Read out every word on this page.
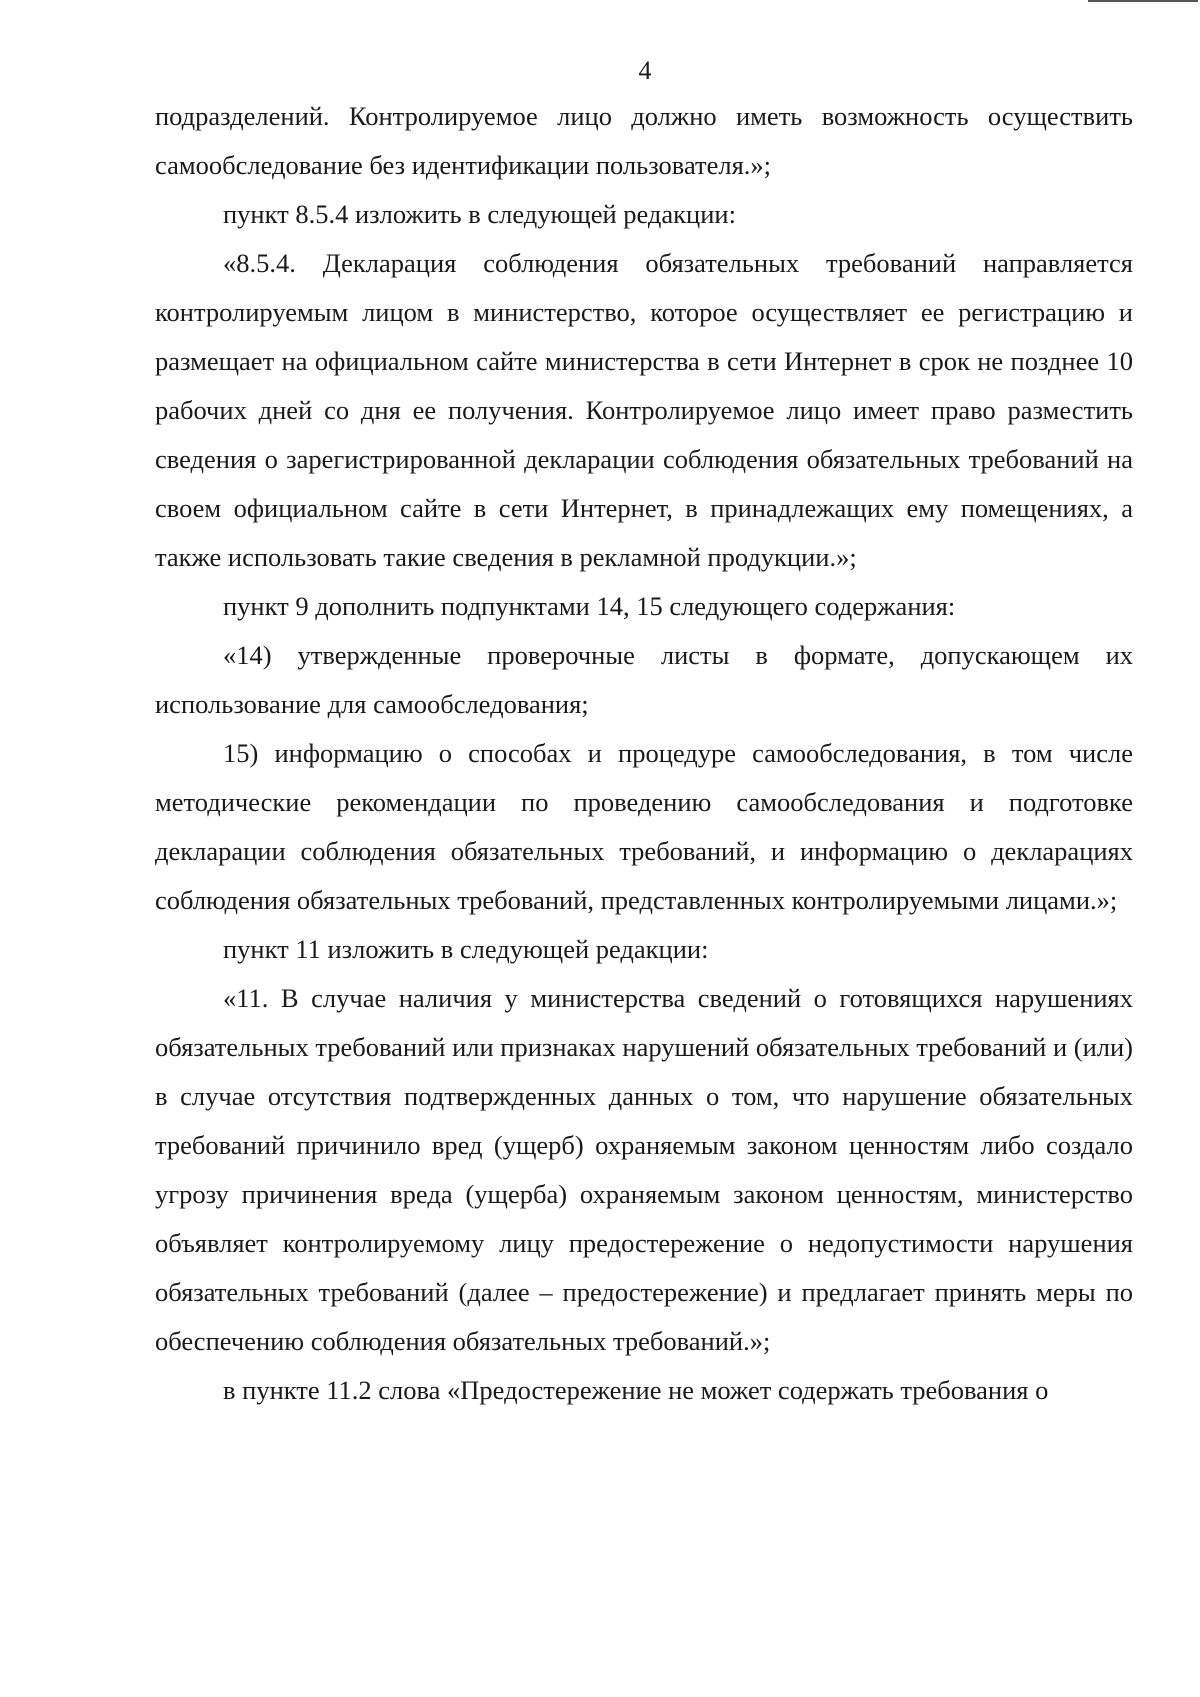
4

подразделений. Контролируемое лицо должно иметь возможность осуществить самообследование без идентификации пользователя.»;

пункт 8.5.4 изложить в следующей редакции:

«8.5.4. Декларация соблюдения обязательных требований направляется контролируемым лицом в министерство, которое осуществляет ее регистрацию и размещает на официальном сайте министерства в сети Интернет в срок не позднее 10 рабочих дней со дня ее получения. Контролируемое лицо имеет право разместить сведения о зарегистрированной декларации соблюдения обязательных требований на своем официальном сайте в сети Интернет, в принадлежащих ему помещениях, а также использовать такие сведения в рекламной продукции.»;

пункт 9 дополнить подпунктами 14, 15 следующего содержания:

«14) утвержденные проверочные листы в формате, допускающем их использование для самообследования;

15) информацию о способах и процедуре самообследования, в том числе методические рекомендации по проведению самообследования и подготовке декларации соблюдения обязательных требований, и информацию о декларациях соблюдения обязательных требований, представленных контролируемыми лицами.»;

пункт 11 изложить в следующей редакции:

«11. В случае наличия у министерства сведений о готовящихся нарушениях обязательных требований или признаках нарушений обязательных требований и (или) в случае отсутствия подтвержденных данных о том, что нарушение обязательных требований причинило вред (ущерб) охраняемым законом ценностям либо создало угрозу причинения вреда (ущерба) охраняемым законом ценностям, министерство объявляет контролируемому лицу предостережение о недопустимости нарушения обязательных требований (далее – предостережение) и предлагает принять меры по обеспечению соблюдения обязательных требований.»;

в пункте 11.2 слова «Предостережение не может содержать требования о
